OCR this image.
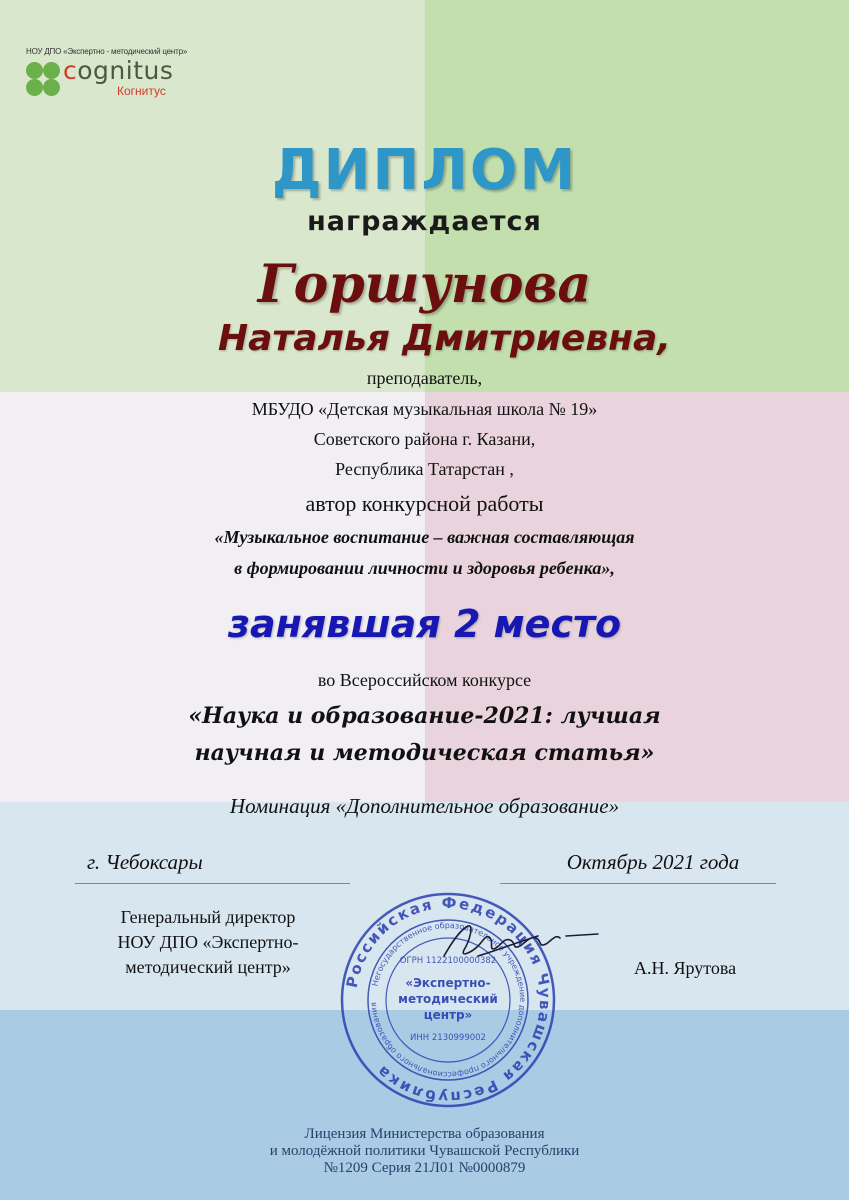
НОУ ДПО «Экспертно - методический центр»
cognitus
Когнитус
ДИПЛОМ
награждается
Горшунова
Наталья Дмитриевна,
преподаватель,
МБУДО «Детская музыкальная школа № 19»
Советского района г. Казани,
Республика Татарстан ,
автор конкурсной работы
«Музыкальное воспитание – важная составляющая
в формировании личности и здоровья ребенка»,
занявшая 2 место
во Всероссийском конкурсе
«Наука и образование-2021: лучшая
научная и методическая статья»
Номинация «Дополнительное образование»
г. Чебоксары	Октябрь 2021 года
Генеральный директор
НОУ ДПО «Экспертно-
методический центр»
Российская Федерация Чувашская Республика
Негосударственное образовательное учреждение дополнительного профессионального образования
ОГРН 1122100000382
«Экспертно-
методический
центр»
ИНН 2130999002
А.Н. Ярутова
Лицензия Министерства образования
и молодёжной политики Чувашской Республики
№1209 Серия 21Л01 №0000879
